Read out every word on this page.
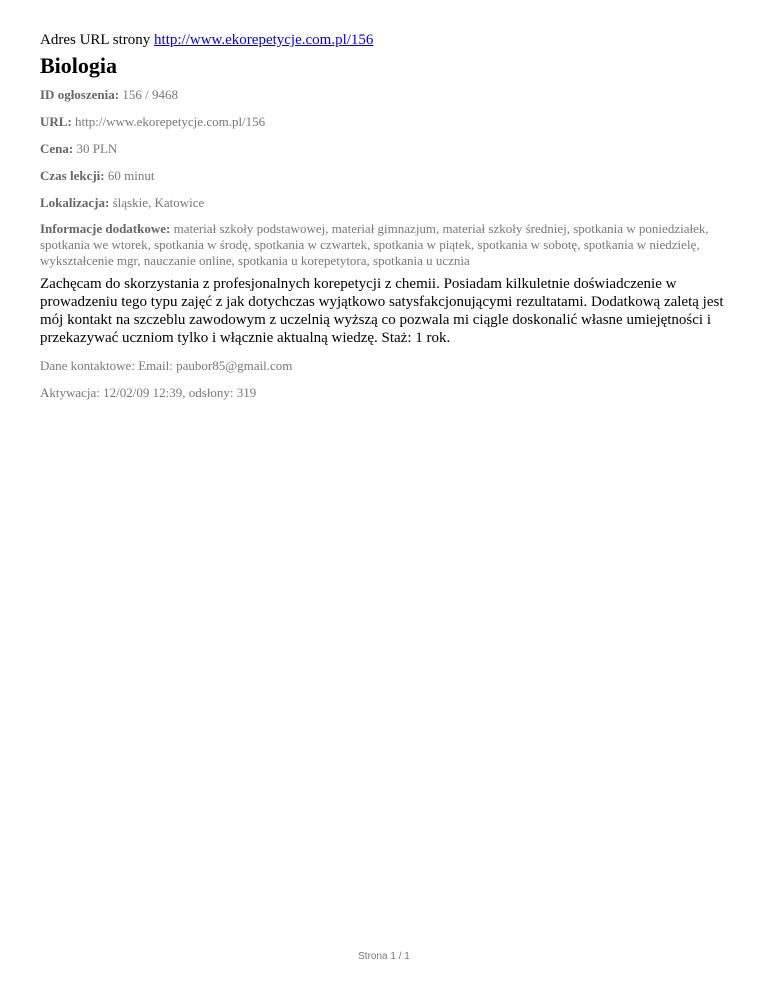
Adres URL strony http://www.ekorepetycje.com.pl/156

Biologia

ID ogłoszenia: 156 / 9468

URL: http://www.ekorepetycje.com.pl/156

Cena: 30 PLN

Czas lekcji: 60 minut

Lokalizacja: śląskie, Katowice

Informacje dodatkowe: materiał szkoły podstawowej, materiał gimnazjum, materiał szkoły średniej, spotkania w poniedziałek, spotkania we wtorek, spotkania w środę, spotkania w czwartek, spotkania w piątek, spotkania w sobotę, spotkania w niedzielę, wykształcenie mgr, nauczanie online, spotkania u korepetytora, spotkania u ucznia

Zachęcam do skorzystania z profesjonalnych korepetycji z chemii. Posiadam kilkuletnie doświadczenie w prowadzeniu tego typu zajęć z jak dotychczas wyjątkowo satysfakcjonującymi rezultatami. Dodatkową zaletą jest mój kontakt na szczeblu zawodowym z uczelnią wyższą co pozwala mi ciągle doskonalić własne umiejętności i przekazywać uczniom tylko i włącznie aktualną wiedzę. Staż: 1 rok.

Dane kontaktowe: Email: paubor85@gmail.com

Aktywacja: 12/02/09 12:39, odsłony: 319

Strona 1 / 1
